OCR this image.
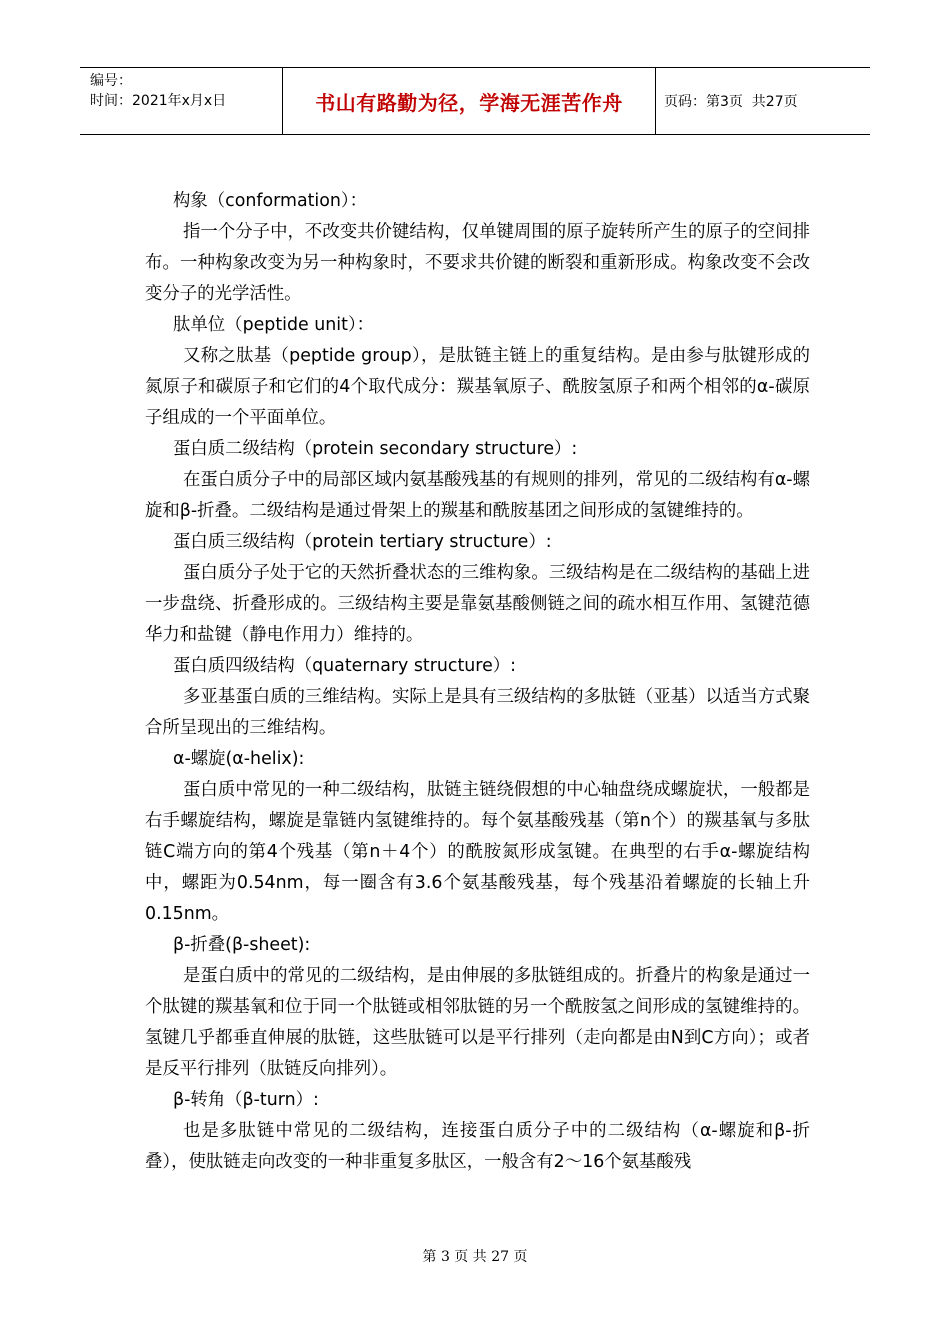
编号：
时间：2021年x月x日	书山有路勤为径，学海无涯苦作舟	页码：第3页  共27页

构象（conformation）：

指一个分子中，不改变共价键结构，仅单键周围的原子旋转所产生的原子的空间排布。一种构象改变为另一种构象时，不要求共价键的断裂和重新形成。构象改变不会改变分子的光学活性。

肽单位（peptide unit）：

又称之肽基（peptide group），是肽链主链上的重复结构。是由参与肽键形成的氮原子和碳原子和它们的4个取代成分：羰基氧原子、酰胺氢原子和两个相邻的α-碳原子组成的一个平面单位。

蛋白质二级结构（protein secondary structure）:

在蛋白质分子中的局部区域内氨基酸残基的有规则的排列，常见的二级结构有α-螺旋和β-折叠。二级结构是通过骨架上的羰基和酰胺基团之间形成的氢键维持的。

蛋白质三级结构（protein tertiary structure）:

蛋白质分子处于它的天然折叠状态的三维构象。三级结构是在二级结构的基础上进一步盘绕、折叠形成的。三级结构主要是靠氨基酸侧链之间的疏水相互作用、氢键范德华力和盐键（静电作用力）维持的。

蛋白质四级结构（quaternary structure）:

多亚基蛋白质的三维结构。实际上是具有三级结构的多肽链（亚基）以适当方式聚合所呈现出的三维结构。

α-螺旋(α-helix):

蛋白质中常见的一种二级结构，肽链主链绕假想的中心轴盘绕成螺旋状，一般都是右手螺旋结构，螺旋是靠链内氢键维持的。每个氨基酸残基（第n个）的羰基氧与多肽链C端方向的第4个残基（第n＋4个）的酰胺氮形成氢键。在典型的右手α-螺旋结构中，螺距为0.54nm，每一圈含有3.6个氨基酸残基，每个残基沿着螺旋的长轴上升0.15nm。

β-折叠(β-sheet):

是蛋白质中的常见的二级结构，是由伸展的多肽链组成的。折叠片的构象是通过一个肽键的羰基氧和位于同一个肽链或相邻肽链的另一个酰胺氢之间形成的氢键维持的。氢键几乎都垂直伸展的肽链，这些肽链可以是平行排列（走向都是由N到C方向）；或者是反平行排列（肽链反向排列）。

β-转角（β-turn）:

也是多肽链中常见的二级结构，连接蛋白质分子中的二级结构（α-螺旋和β-折叠），使肽链走向改变的一种非重复多肽区，一般含有2～16个氨基酸残

第 3 页 共 27 页
